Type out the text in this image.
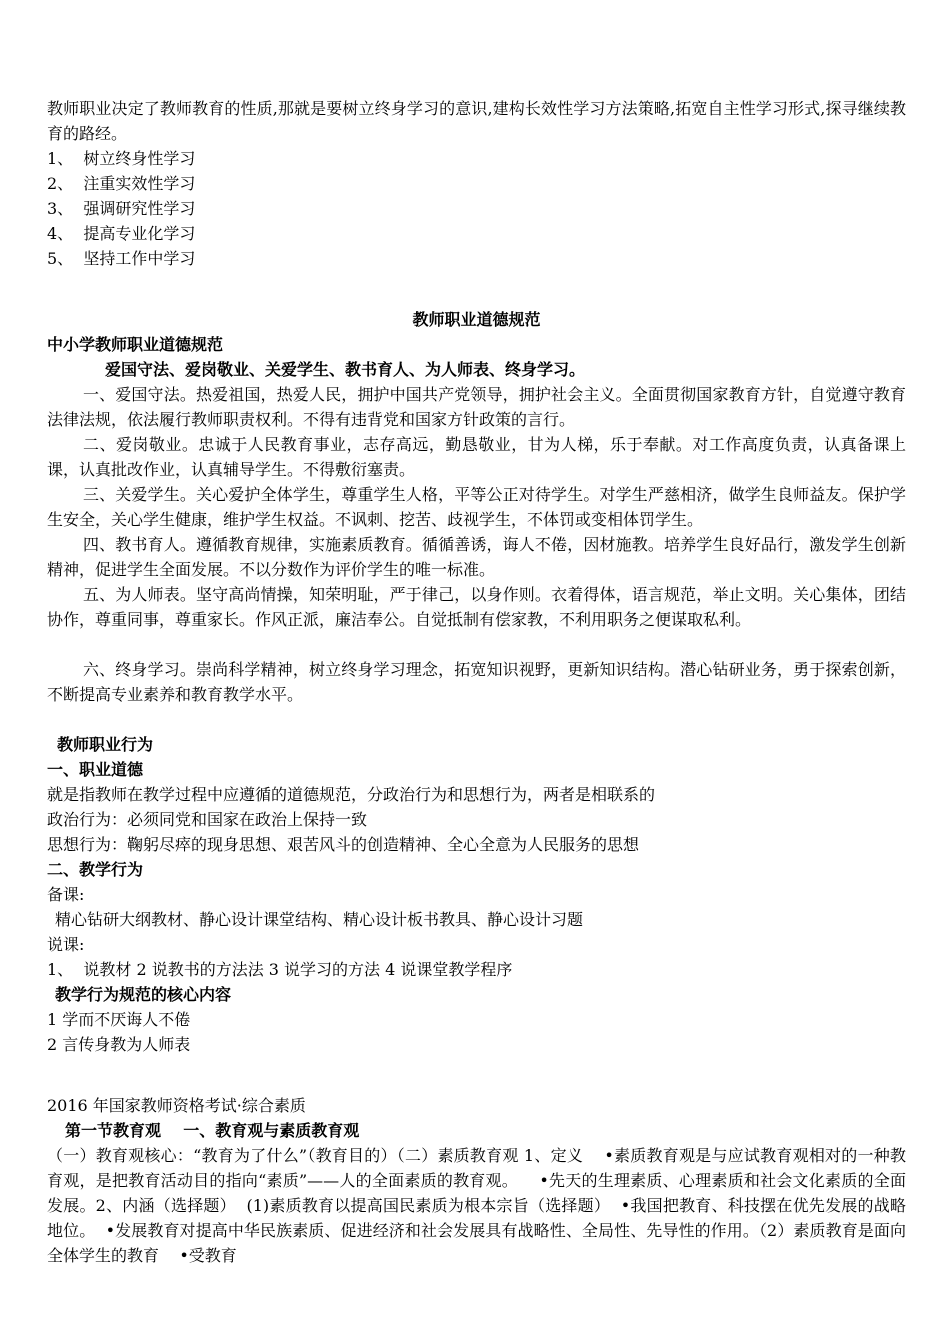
教师职业决定了教师教育的性质,那就是要树立终身学习的意识,建构长效性学习方法策略,拓宽自主性学习形式,探寻继续教育的路经。

1、  树立终身性学习

2、  注重实效性学习

3、  强调研究性学习

4、  提高专业化学习

5、  坚持工作中学习

教师职业道德规范

中小学教师职业道德规范

爱国守法、爱岗敬业、关爱学生、教书育人、为人师表、终身学习。

一、爱国守法。热爱祖国，热爱人民，拥护中国共产党领导，拥护社会主义。全面贯彻国家教育方针，自觉遵守教育法律法规，依法履行教师职责权利。不得有违背党和国家方针政策的言行。

二、爱岗敬业。忠诚于人民教育事业，志存高远，勤恳敬业，甘为人梯，乐于奉献。对工作高度负责，认真备课上课，认真批改作业，认真辅导学生。不得敷衍塞责。

三、关爱学生。关心爱护全体学生，尊重学生人格，平等公正对待学生。对学生严慈相济，做学生良师益友。保护学生安全，关心学生健康，维护学生权益。不讽刺、挖苦、歧视学生，不体罚或变相体罚学生。

四、教书育人。遵循教育规律，实施素质教育。循循善诱，诲人不倦，因材施教。培养学生良好品行，激发学生创新精神，促进学生全面发展。不以分数作为评价学生的唯一标准。

五、为人师表。坚守高尚情操，知荣明耻，严于律己，以身作则。衣着得体，语言规范，举止文明。关心集体，团结协作，尊重同事，尊重家长。作风正派，廉洁奉公。自觉抵制有偿家教，不利用职务之便谋取私利。

六、终身学习。崇尚科学精神，树立终身学习理念，拓宽知识视野，更新知识结构。潜心钻研业务，勇于探索创新，不断提高专业素养和教育教学水平。

教师职业行为

一、职业道德

就是指教师在教学过程中应遵循的道德规范，分政治行为和思想行为，两者是相联系的

政治行为：必须同党和国家在政治上保持一致

思想行为：鞠躬尽瘁的现身思想、艰苦风斗的创造精神、全心全意为人民服务的思想

二、教学行为

备课:

精心钻研大纲教材、静心设计课堂结构、精心设计板书教具、静心设计习题

说课:

1、  说教材 2 说教书的方法法 3 说学习的方法 4 说课堂教学程序

教学行为规范的核心内容

1 学而不厌诲人不倦

2 言传身教为人师表

2016 年国家教师资格考试·综合素质

第一节教育观    一、教育观与素质教育观

（一）教育观核心：“教育为了什么”（教育目的）（二）素质教育观 1、定义    •素质教育观是与应试教育观相对的一种教育观，是把教育活动目的指向“素质”——人的全面素质的教育观。    •先天的生理素质、心理素质和社会文化素质的全面发展。2、内涵（选择题）  (1)素质教育以提高国民素质为根本宗旨（选择题）  •我国把教育、科技摆在优先发展的战略地位。  •发展教育对提高中华民族素质、促进经济和社会发展具有战略性、全局性、先导性的作用。（2）素质教育是面向全体学生的教育    •受教育
